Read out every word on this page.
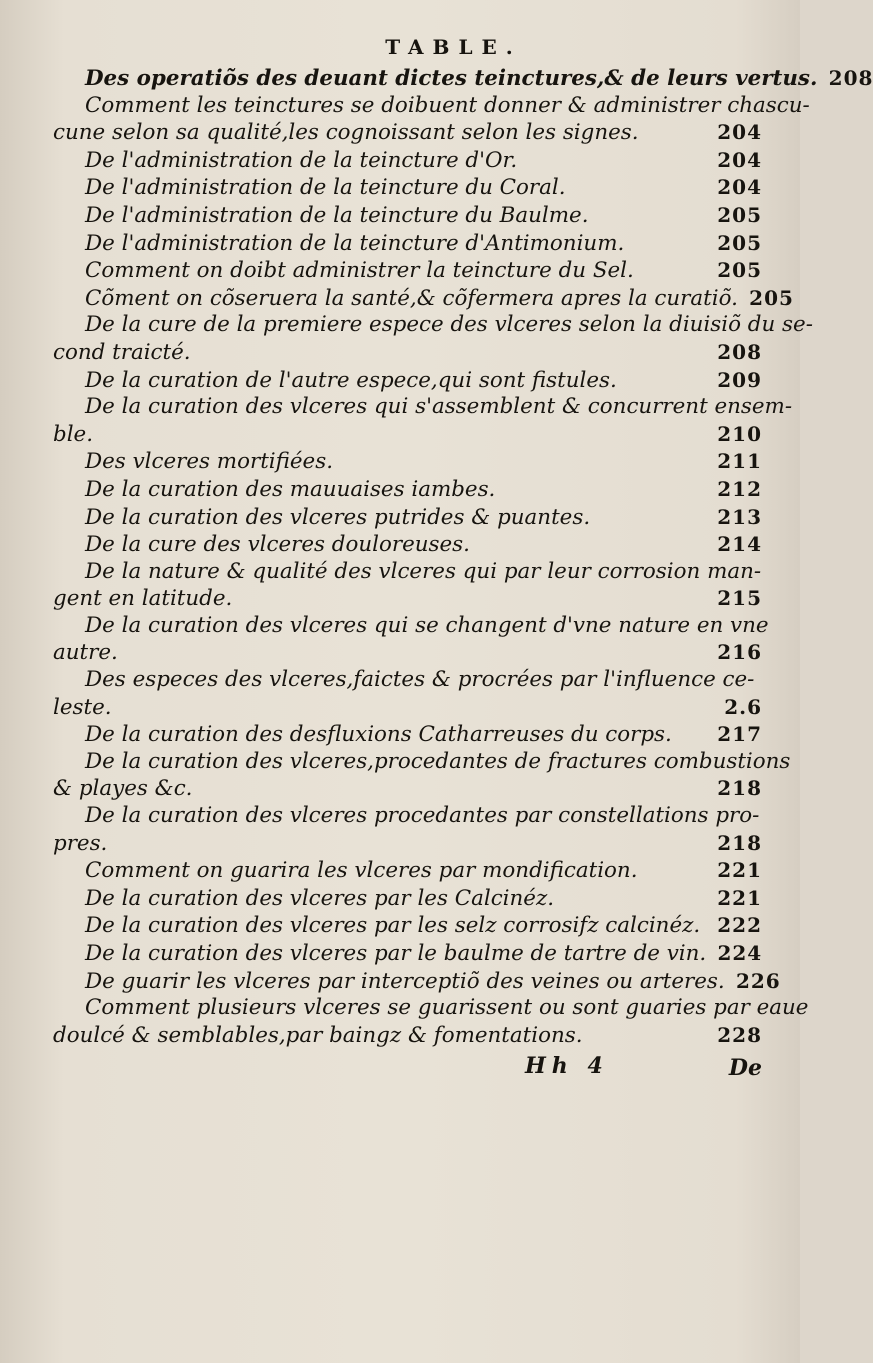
TABLE.
Des operatiõs des deuant dictes teinctures,& de leurs vertus. 208
Comment les teinctures se doibuent donner & administrer chascu-
cune selon sa qualité,les cognoissant selon les signes.	204
De l'administration de la teincture d'Or.	204
De l'administration de la teincture du Coral.	204
De l'administration de la teincture du Baulme.	205
De l'administration de la teincture d'Antimonium.	205
Comment on doibt administrer la teincture du Sel.	205
Cõment on cõseruera la santé,& cõfermera apres la curatiõ. 205
De la cure de la premiere espece des vlceres selon la diuisiõ du se-
cond traicté.	208
De la curation de l'autre espece,qui sont fistules.	209
De la curation des vlceres qui s'assemblent & concurrent ensem-
ble.	210
Des vlceres mortifiées.	211
De la curation des mauuaises iambes.	212
De la curation des vlceres putrides & puantes.	213
De la cure des vlceres douloreuses.	214
De la nature & qualité des vlceres qui par leur corrosion man-
gent en latitude.	215
De la curation des vlceres qui se changent d'vne nature en vne
autre.	216
Des especes des vlceres,faictes & procrées par l'influence ce-
leste.	2.6
De la curation des desfluxions Catharreuses du corps.	217
De la curation des vlceres,procedantes de fractures combustions
& playes &c.	218
De la curation des vlceres procedantes par constellations pro-
pres.	218
Comment on guarira les vlceres par mondification.	221
De la curation des vlceres par les Calcinéz.	221
De la curation des vlceres par les selz corrosifz calcinéz. 222
De la curation des vlceres par le baulme de tartre de vin. 224
De guarir les vlceres par interceptiõ des veines ou arteres. 226
Comment plusieurs vlceres se guarissent ou sont guaries par eaue
doulcé & semblables,par baingz & fomentations.	228
Hh 4	De
